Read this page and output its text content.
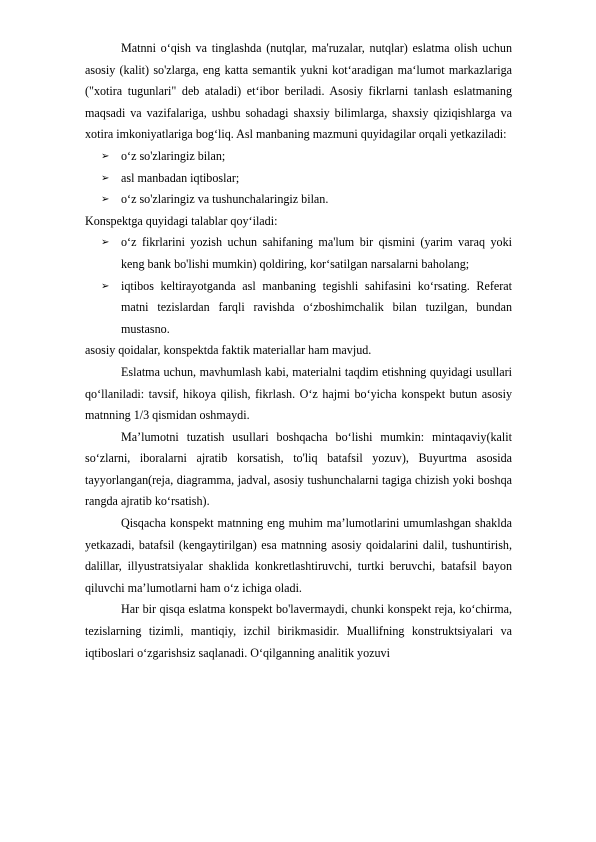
Matnni o‘qish va tinglashda (nutqlar, ma'ruzalar, nutqlar) eslatma olish uchun asosiy (kalit) so'zlarga, eng katta semantik yukni kot‘aradigan ma‘lumot markazlariga ("xotira tugunlari" deb ataladi) et‘ibor beriladi. Asosiy fikrlarni tanlash eslatmaning maqsadi va vazifalariga, ushbu sohadagi shaxsiy bilimlarga, shaxsiy qiziqishlarga va xotira imkoniyatlariga bog‘liq. Asl manbaning mazmuni quyidagilar orqali yetkaziladi:

➢ o‘z so'zlaringiz bilan;
➢ asl manbadan iqtiboslar;
➢ o‘z so'zlaringiz va tushunchalaringiz bilan.

Konspektga quyidagi talablar qoy‘iladi:

➢ o‘z fikrlarini yozish uchun sahifaning ma'lum bir qismini (yarim varaq yoki keng bank bo'lishi mumkin) qoldiring, kor‘satilgan narsalarni baholang;
➢ iqtibos keltirayotganda asl manbaning tegishli sahifasini ko‘rsating. Referat matni tezislardan farqli ravishda o‘zboshimchalik bilan tuzilgan, bundan mustasno.

asosiy qoidalar, konspektda faktik materiallar ham mavjud.

Eslatma uchun, mavhumlash kabi, materialni taqdim etishning quyidagi usullari qo‘llaniladi: tavsif, hikoya qilish, fikrlash. O‘z hajmi bo‘yicha konspekt butun asosiy matnning 1/3 qismidan oshmaydi.

Ma’lumotni tuzatish usullari boshqacha bo‘lishi mumkin: mintaqaviy(kalit so‘zlarni, iboralarni ajratib korsatish, to'liq batafsil yozuv), Buyurtma asosida tayyorlangan(reja, diagramma, jadval, asosiy tushunchalarni tagiga chizish yoki boshqa rangda ajratib ko‘rsatish).

Qisqacha konspekt matnning eng muhim ma’lumotlarini umumlashgan shaklda yetkazadi, batafsil (kengaytirilgan) esa matnning asosiy qoidalarini dalil, tushuntirish, dalillar, illyustratsiyalar shaklida konkretlashtiruvchi, turtki beruvchi, batafsil bayon qiluvchi ma’lumotlarni ham o‘z ichiga oladi.

Har bir qisqa eslatma konspekt bo'lavermaydi, chunki konspekt reja, ko‘chirma, tezislarning tizimli, mantiqiy, izchil birikmasidir. Muallifning konstruktsiyalari va iqtiboslari o‘zgarishsiz saqlanadi. O‘qilganning analitik yozuvi
